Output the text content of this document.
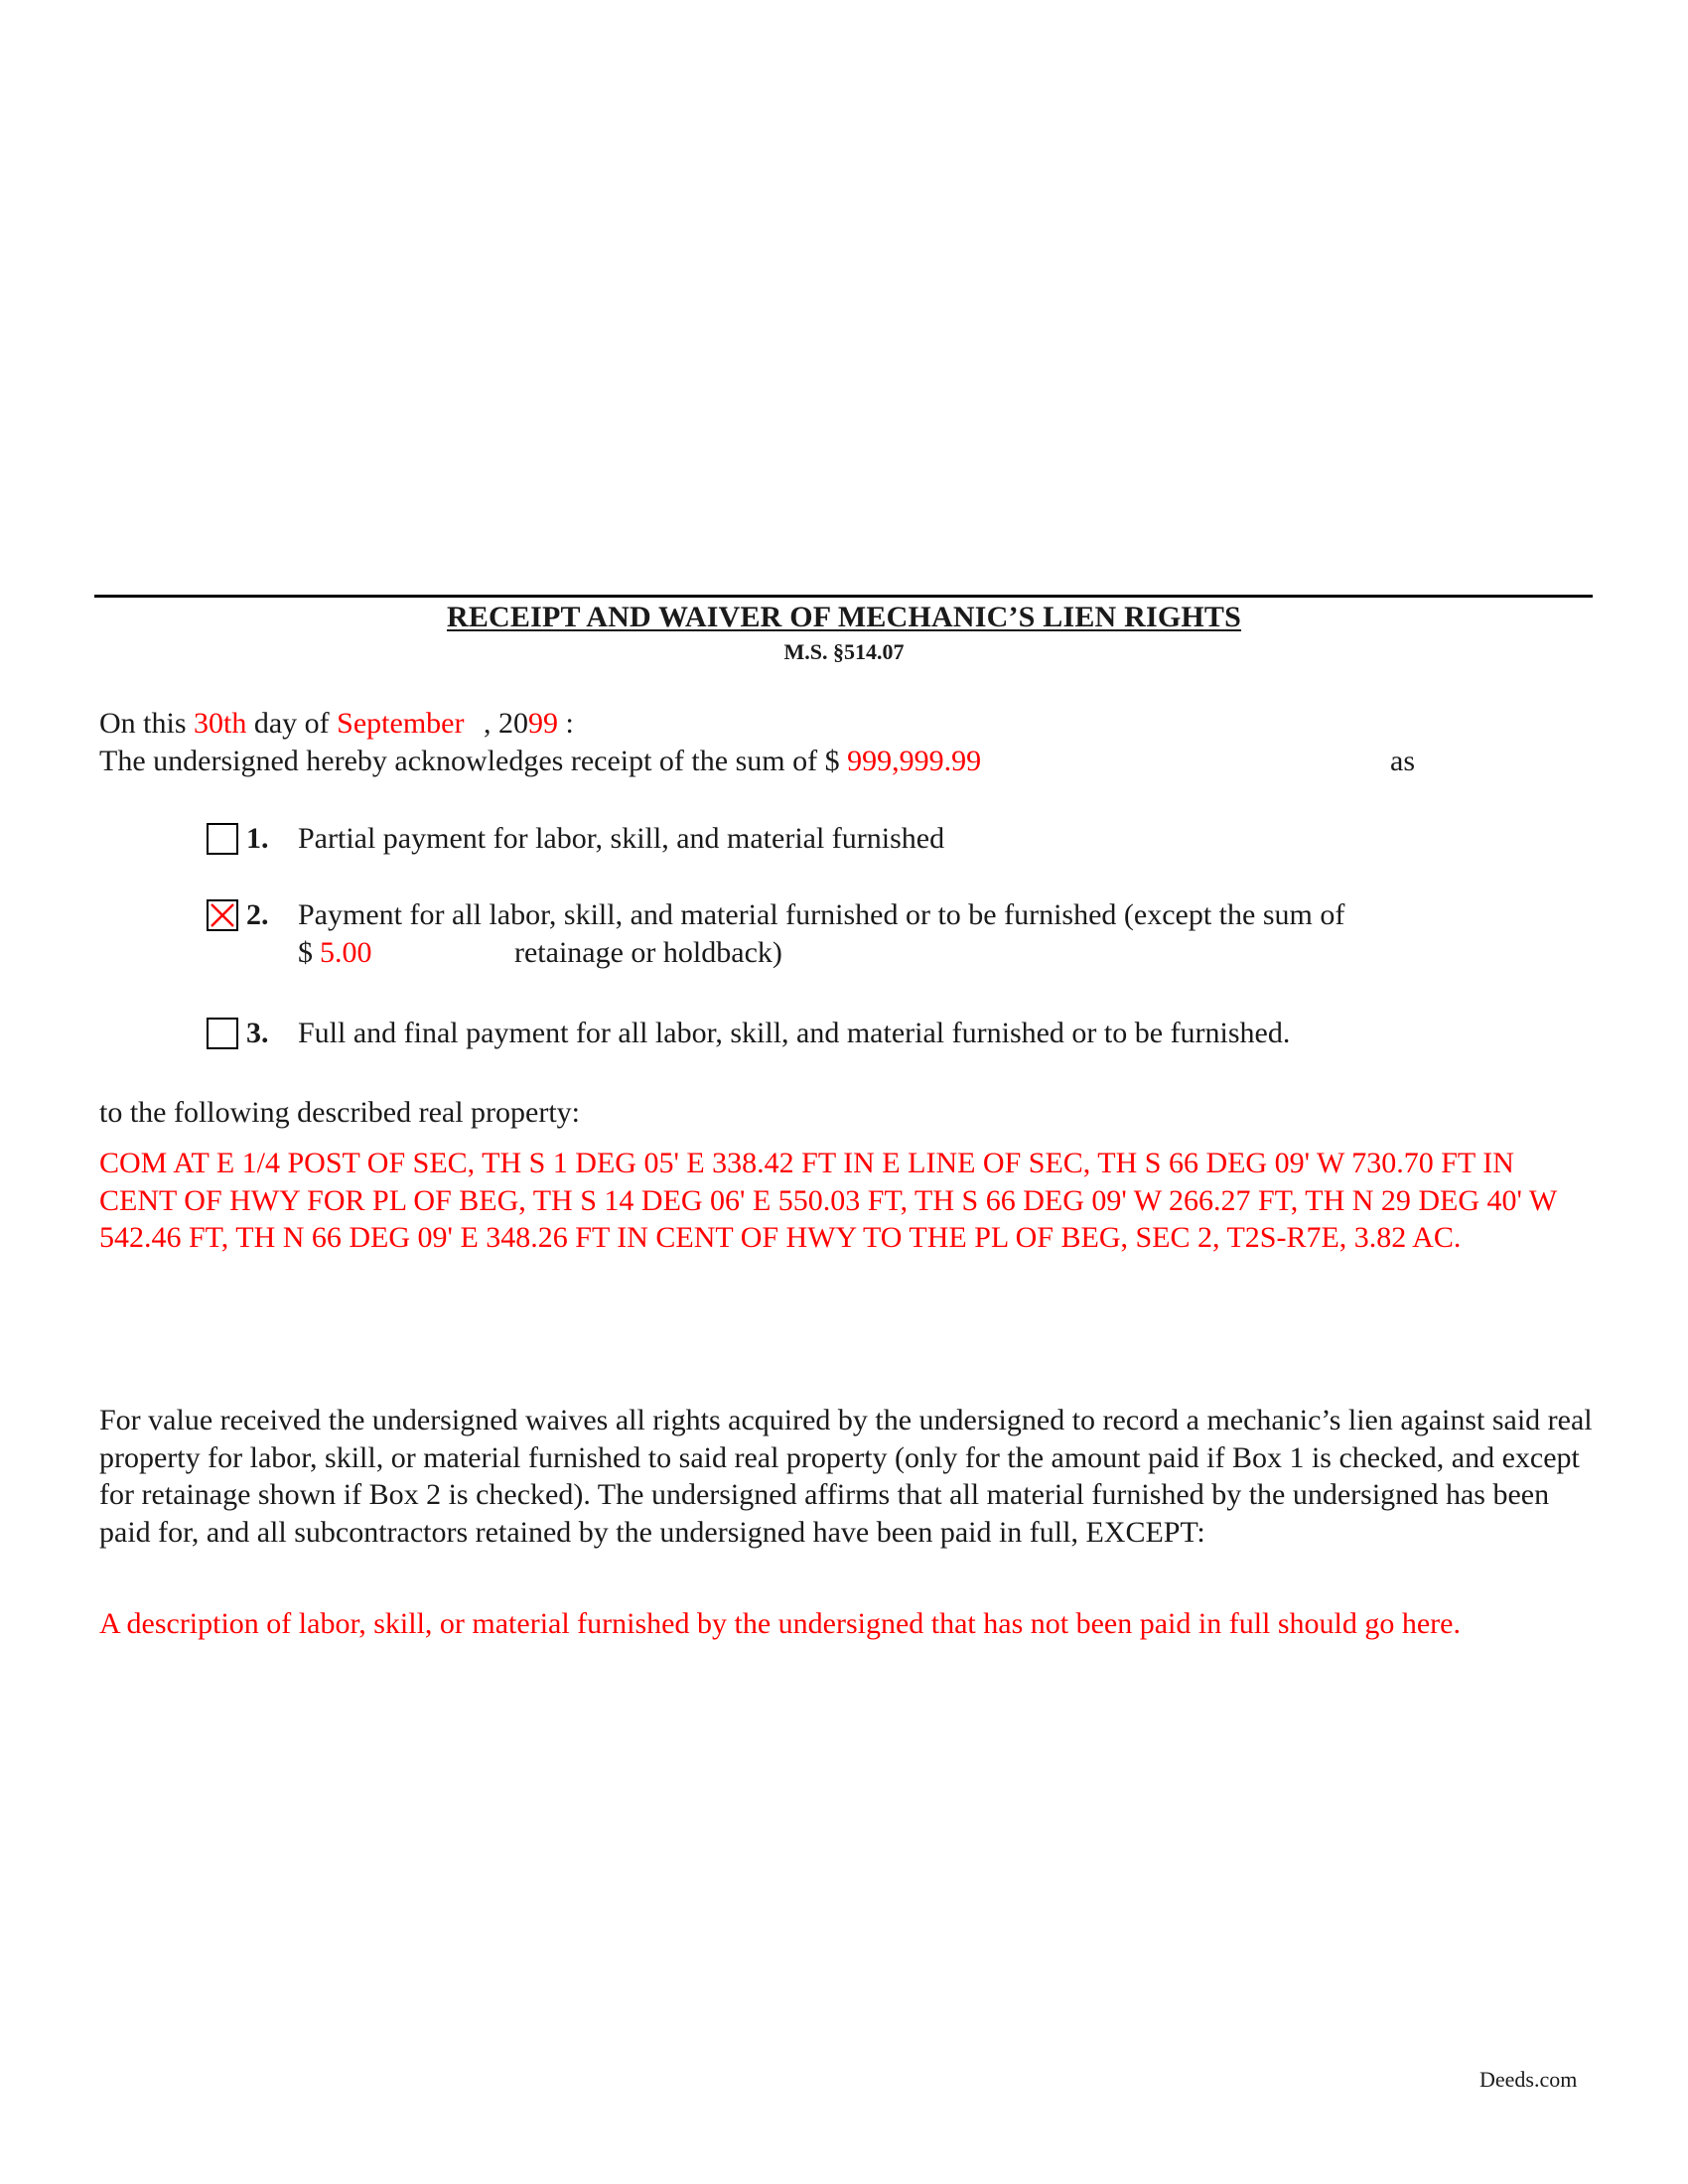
RECEIPT AND WAIVER OF MECHANIC’S LIEN RIGHTS
M.S. §514.07
On this 30th day of September , 2099 :
The undersigned hereby acknowledges receipt of the sum of $ 999,999.99	as
1. Partial payment for labor, skill, and material furnished
2. Payment for all labor, skill, and material furnished or to be furnished (except the sum of
$ 5.00	retainage or holdback)
3. Full and final payment for all labor, skill, and material furnished or to be furnished.
to the following described real property:
COM AT E 1/4 POST OF SEC, TH S 1 DEG 05' E 338.42 FT IN E LINE OF SEC, TH S 66 DEG 09' W 730.70 FT IN CENT OF HWY FOR PL OF BEG, TH S 14 DEG 06' E 550.03 FT, TH S 66 DEG 09' W 266.27 FT, TH N 29 DEG 40' W 542.46 FT, TH N 66 DEG 09' E 348.26 FT IN CENT OF HWY TO THE PL OF BEG, SEC 2, T2S-R7E, 3.82 AC.
For value received the undersigned waives all rights acquired by the undersigned to record a mechanic’s lien against said real property for labor, skill, or material furnished to said real property (only for the amount paid if Box 1 is checked, and except for retainage shown if Box 2 is checked). The undersigned affirms that all material furnished by the undersigned has been paid for, and all subcontractors retained by the undersigned have been paid in full, EXCEPT:
A description of labor, skill, or material furnished by the undersigned that has not been paid in full should go here.
Deeds.com
